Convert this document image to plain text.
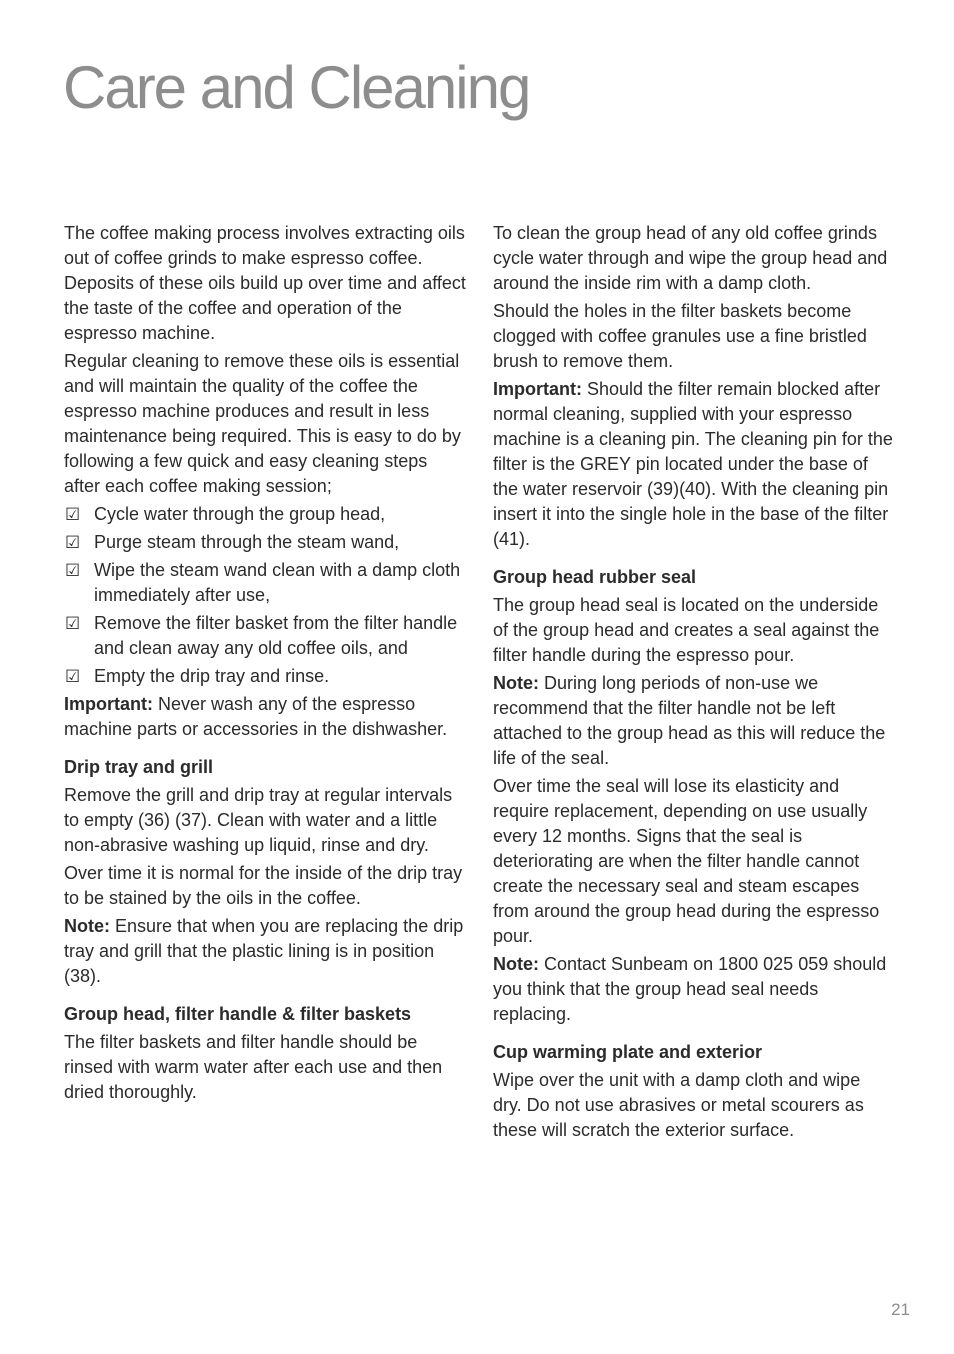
Care and Cleaning

The coffee making process involves extracting oils out of coffee grinds to make espresso coffee. Deposits of these oils build up over time and affect the taste of the coffee and operation of the espresso machine.

Regular cleaning to remove these oils is essential and will maintain the quality of the coffee the espresso machine produces and result in less maintenance being required. This is easy to do by following a few quick and easy cleaning steps after each coffee making session;

☑ Cycle water through the group head,
☑ Purge steam through the steam wand,
☑ Wipe the steam wand clean with a damp cloth immediately after use,
☑ Remove the filter basket from the filter handle and clean away any old coffee oils, and
☑ Empty the drip tray and rinse.

Important: Never wash any of the espresso machine parts or accessories in the dishwasher.

Drip tray and grill

Remove the grill and drip tray at regular intervals to empty (36) (37). Clean with water and a little non-abrasive washing up liquid, rinse and dry.

Over time it is normal for the inside of the drip tray to be stained by the oils in the coffee.

Note: Ensure that when you are replacing the drip tray and grill that the plastic lining is in position (38).

Group head, filter handle & filter baskets

The filter baskets and filter handle should be rinsed with warm water after each use and then dried thoroughly.

To clean the group head of any old coffee grinds cycle water through and wipe the group head and around the inside rim with a damp cloth.

Should the holes in the filter baskets become clogged with coffee granules use a fine bristled brush to remove them.

Important: Should the filter remain blocked after normal cleaning, supplied with your espresso machine is a cleaning pin. The cleaning pin for the filter is the GREY pin located under the base of the water reservoir (39)(40). With the cleaning pin insert it into the single hole in the base of the filter (41).

Group head rubber seal

The group head seal is located on the underside of the group head and creates a seal against the filter handle during the espresso pour.

Note: During long periods of non-use we recommend that the filter handle not be left attached to the group head as this will reduce the life of the seal.

Over time the seal will lose its elasticity and require replacement, depending on use usually every 12 months. Signs that the seal is deteriorating are when the filter handle cannot create the necessary seal and steam escapes from around the group head during the espresso pour.

Note: Contact Sunbeam on 1800 025 059 should you think that the group head seal needs replacing.

Cup warming plate and exterior

Wipe over the unit with a damp cloth and wipe dry. Do not use abrasives or metal scourers as these will scratch the exterior surface.

21
